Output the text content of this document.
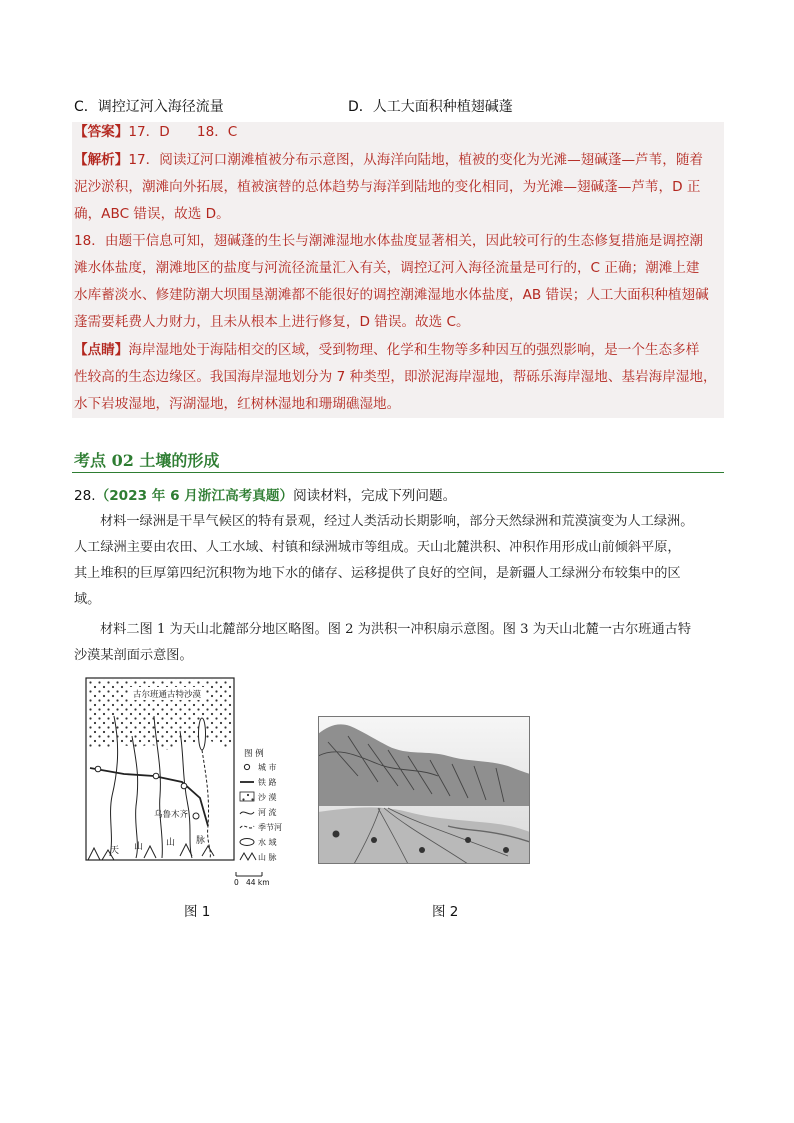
C．调控辽河入海径流量	D．人工大面积种植翅碱蓬
【答案】17．D　　18．C
【解析】17．阅读辽河口潮滩植被分布示意图，从海洋向陆地，植被的变化为光滩—翅碱蓬—芦苇，随着
泥沙淤积，潮滩向外拓展，植被演替的总体趋势与海洋到陆地的变化相同，为光滩—翅碱蓬—芦苇，D 正
确，ABC 错误，故选 D。
18．由题干信息可知，翅碱蓬的生长与潮滩湿地水体盐度显著相关，因此较可行的生态修复措施是调控潮
滩水体盐度，潮滩地区的盐度与河流径流量汇入有关，调控辽河入海径流量是可行的，C 正确；潮滩上建
水库蓄淡水、修建防潮大坝围垦潮滩都不能很好的调控潮滩湿地水体盐度，AB 错误；人工大面积种植翅碱
蓬需要耗费人力财力，且未从根本上进行修复，D 错误。故选 C。
【点睛】海岸湿地处于海陆相交的区域，受到物理、化学和生物等多种因互的强烈影响，是一个生态多样
性较高的生态边缘区。我国海岸湿地划分为 7 种类型，即淤泥海岸湿地，帮砾乐海岸湿地、基岩海岸湿地，
水下岩坡湿地，泻湖湿地，红树林湿地和珊瑚礁湿地。
考点 02 土壤的形成
28.（2023 年 6 月浙江高考真题）阅读材料，完成下列问题。
材料一绿洲是干旱气候区的特有景观，经过人类活动长期影响，部分天然绿洲和荒漠演变为人工绿洲。
人工绿洲主要由农田、人工水域、村镇和绿洲城市等组成。天山北麓洪积、冲积作用形成山前倾斜平原，
其上堆积的巨厚第四纪沉积物为地下水的储存、运移提供了良好的空间，是新疆人工绿洲分布较集中的区
域。
材料二图 1 为天山北麓部分地区略图。图 2 为洪积一冲积扇示意图。图 3 为天山北麓一古尔班通古特
沙漠某剖面示意图。
古尔班通古特沙漠
乌鲁木齐
天 山	山 脉
图 例
城 市
铁 路
沙 漠
河 流
季节河
水 域
山 脉
0 44 km
图 1	图 2
